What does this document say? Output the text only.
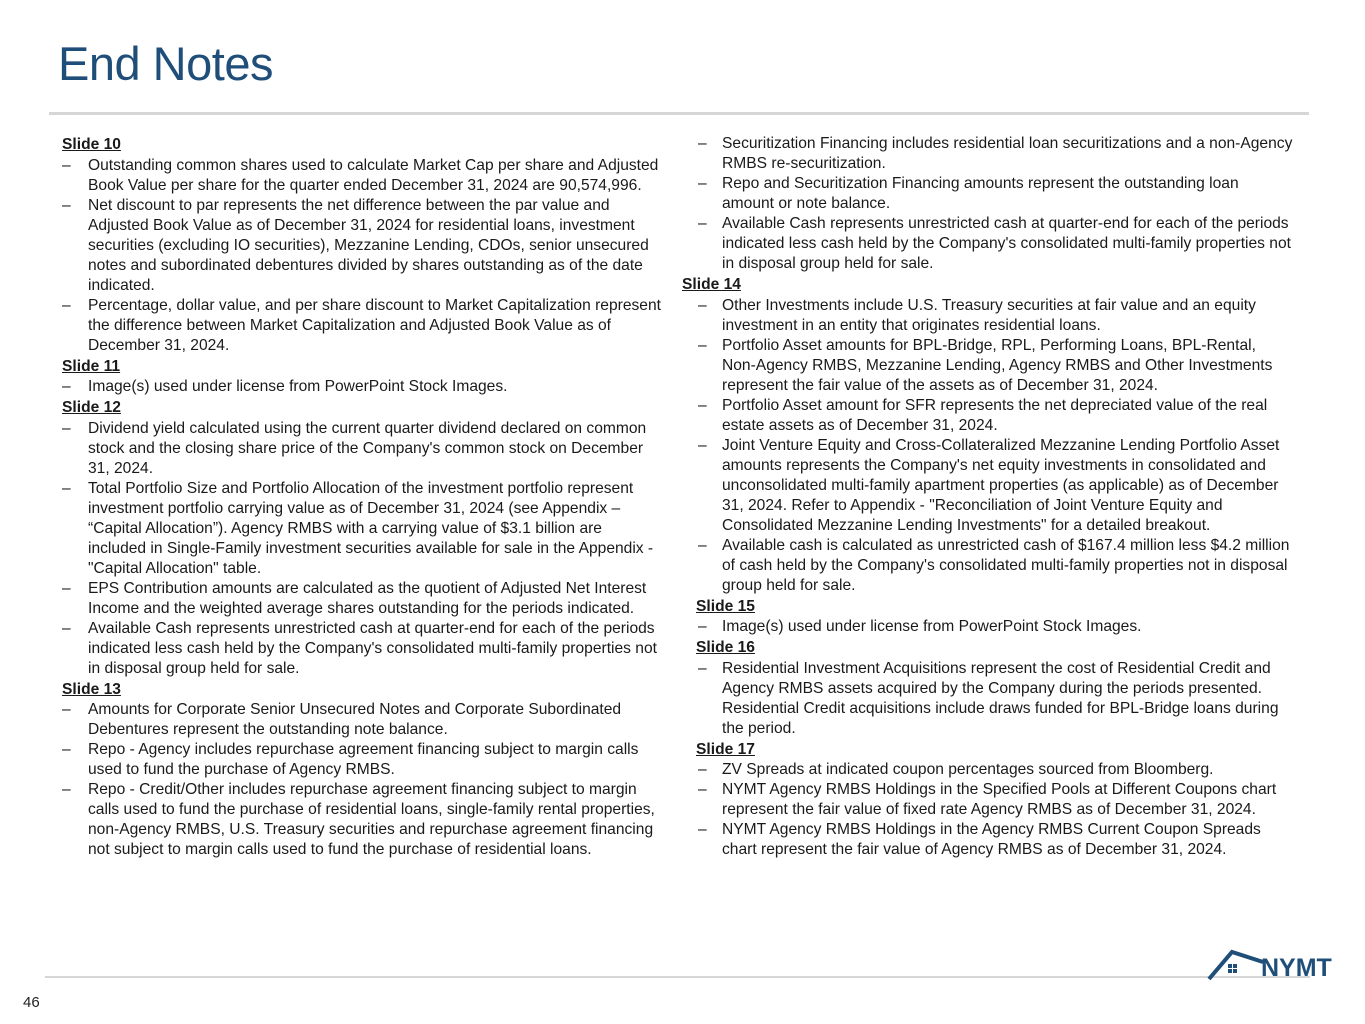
End Notes
Slide 10
– Outstanding common shares used to calculate Market Cap per share and Adjusted Book Value per share for the quarter ended December 31, 2024 are 90,574,996.
– Net discount to par represents the net difference between the par value and Adjusted Book Value as of December 31, 2024 for residential loans, investment securities (excluding IO securities), Mezzanine Lending, CDOs, senior unsecured notes and subordinated debentures divided by shares outstanding as of the date indicated.
– Percentage, dollar value, and per share discount to Market Capitalization represent the difference between Market Capitalization and Adjusted Book Value as of December 31, 2024.
Slide 11
– Image(s) used under license from PowerPoint Stock Images.
Slide 12
– Dividend yield calculated using the current quarter dividend declared on common stock and the closing share price of the Company's common stock on December 31, 2024.
– Total Portfolio Size and Portfolio Allocation of the investment portfolio represent investment portfolio carrying value as of December 31, 2024 (see Appendix – “Capital Allocation”). Agency RMBS with a carrying value of $3.1 billion are included in Single-Family investment securities available for sale in the Appendix - "Capital Allocation" table.
– EPS Contribution amounts are calculated as the quotient of Adjusted Net Interest Income and the weighted average shares outstanding for the periods indicated.
– Available Cash represents unrestricted cash at quarter-end for each of the periods indicated less cash held by the Company's consolidated multi-family properties not in disposal group held for sale.
Slide 13
– Amounts for Corporate Senior Unsecured Notes and Corporate Subordinated Debentures represent the outstanding note balance.
– Repo - Agency includes repurchase agreement financing subject to margin calls used to fund the purchase of Agency RMBS.
– Repo - Credit/Other includes repurchase agreement financing subject to margin calls used to fund the purchase of residential loans, single-family rental properties, non-Agency RMBS, U.S. Treasury securities and repurchase agreement financing not subject to margin calls used to fund the purchase of residential loans.
– Securitization Financing includes residential loan securitizations and a non-Agency RMBS re-securitization.
– Repo and Securitization Financing amounts represent the outstanding loan amount or note balance.
– Available Cash represents unrestricted cash at quarter-end for each of the periods indicated less cash held by the Company's consolidated multi-family properties not in disposal group held for sale.
Slide 14
– Other Investments include U.S. Treasury securities at fair value and an equity investment in an entity that originates residential loans.
– Portfolio Asset amounts for BPL-Bridge, RPL, Performing Loans, BPL-Rental, Non-Agency RMBS, Mezzanine Lending, Agency RMBS and Other Investments represent the fair value of the assets as of December 31, 2024.
– Portfolio Asset amount for SFR represents the net depreciated value of the real estate assets as of December 31, 2024.
– Joint Venture Equity and Cross-Collateralized Mezzanine Lending Portfolio Asset amounts represents the Company's net equity investments in consolidated and unconsolidated multi-family apartment properties (as applicable) as of December 31, 2024. Refer to Appendix - "Reconciliation of Joint Venture Equity and Consolidated Mezzanine Lending Investments" for a detailed breakout.
– Available cash is calculated as unrestricted cash of $167.4 million less $4.2 million of cash held by the Company's consolidated multi-family properties not in disposal group held for sale.
Slide 15
– Image(s) used under license from PowerPoint Stock Images.
Slide 16
– Residential Investment Acquisitions represent the cost of Residential Credit and Agency RMBS assets acquired by the Company during the periods presented. Residential Credit acquisitions include draws funded for BPL-Bridge loans during the period.
Slide 17
– ZV Spreads at indicated coupon percentages sourced from Bloomberg.
– NYMT Agency RMBS Holdings in the Specified Pools at Different Coupons chart represent the fair value of fixed rate Agency RMBS as of December 31, 2024.
– NYMT Agency RMBS Holdings in the Agency RMBS Current Coupon Spreads chart represent the fair value of Agency RMBS as of December 31, 2024.
NYMT
46
